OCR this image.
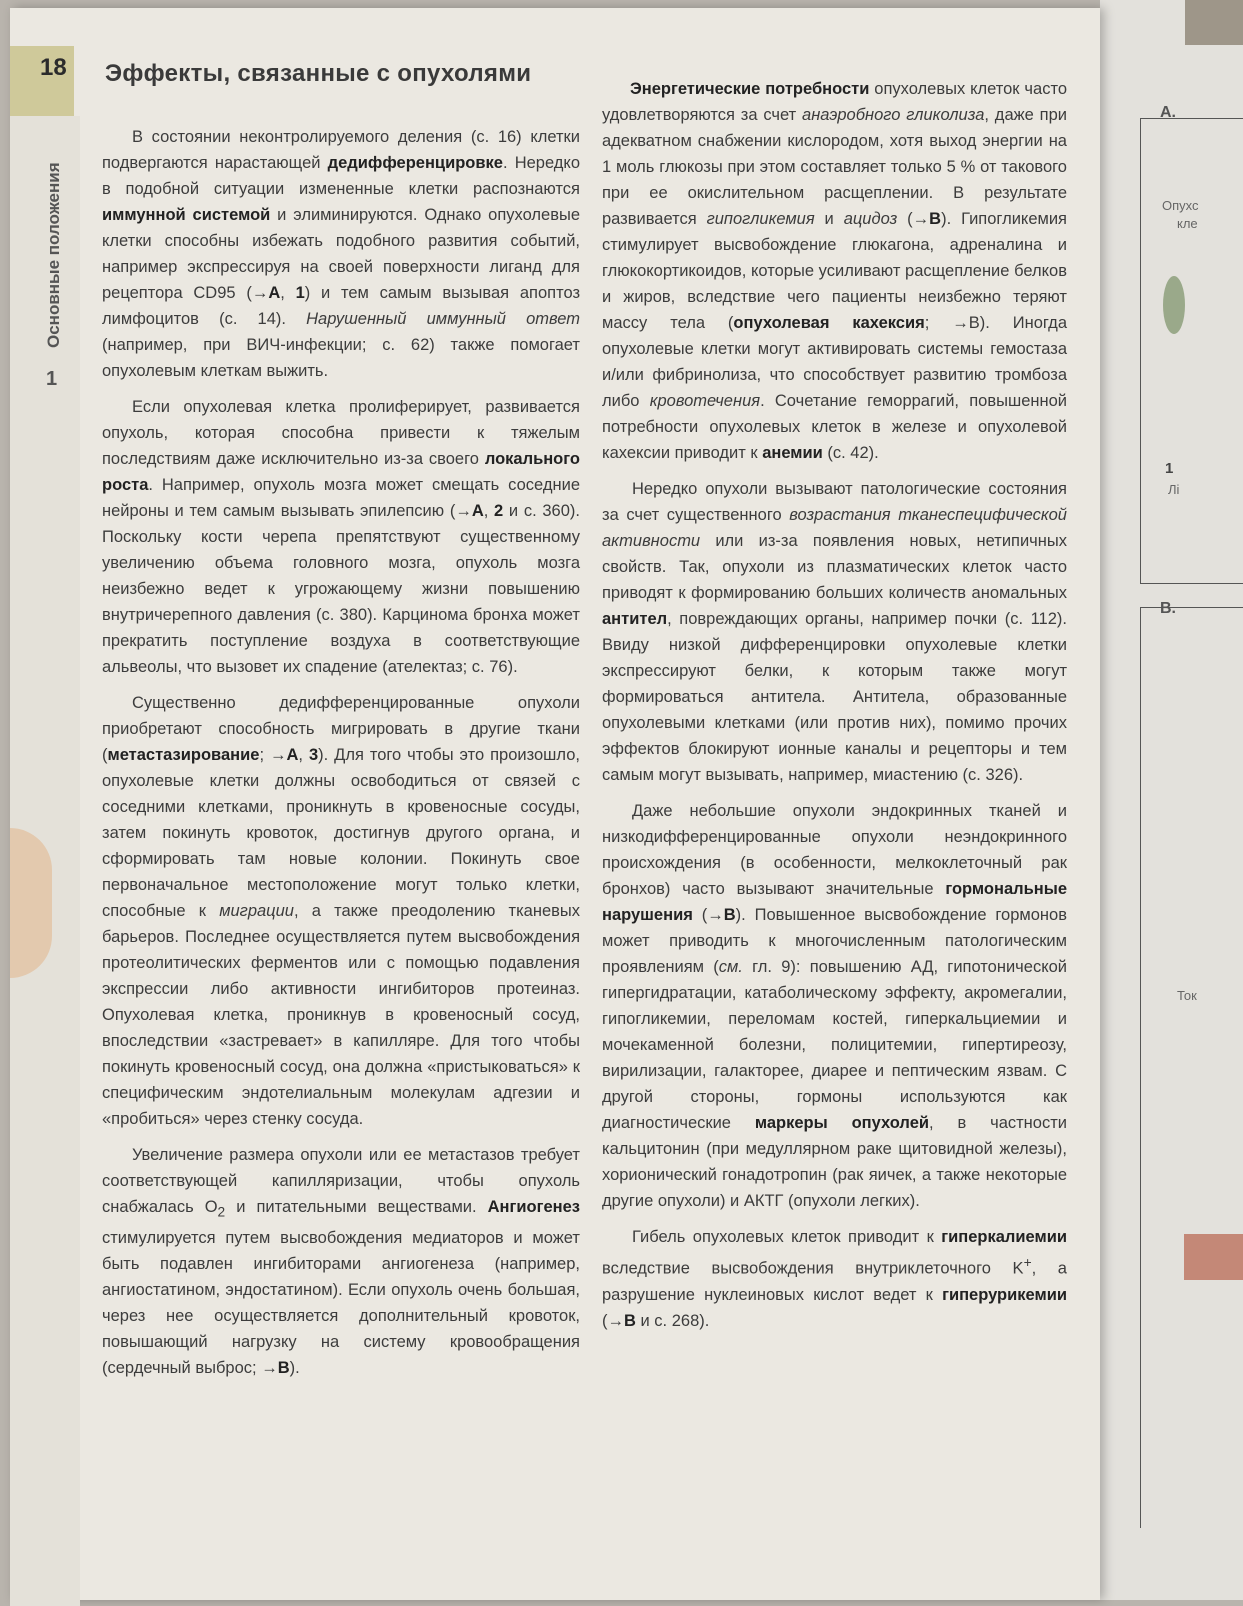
18 Эффекты, связанные с опухолями
Основные положения
1

В состоянии неконтролируемого деления (с. 16) клетки подвергаются нарастающей дедифференцировке. Нередко в подобной ситуации измененные клетки распознаются иммунной системой и элиминируются. Однако опухолевые клетки способны избежать подобного развития событий, например экспрессируя на своей поверхности лиганд для рецептора CD95 (→А, 1) и тем самым вызывая апоптоз лимфоцитов (с. 14). Нарушенный иммунный ответ (например, при ВИЧ-инфекции; с. 62) также помогает опухолевым клеткам выжить.

Если опухолевая клетка пролиферирует, развивается опухоль, которая способна привести к тяжелым последствиям даже исключительно из-за своего локального роста. Например, опухоль мозга может смещать соседние нейроны и тем самым вызывать эпилепсию (→А, 2 и с. 360). Поскольку кости черепа препятствуют существенному увеличению объема головного мозга, опухоль мозга неизбежно ведет к угрожающему жизни повышению внутричерепного давления (с. 380). Карцинома бронха может прекратить поступление воздуха в соответствующие альвеолы, что вызовет их спадение (ателектаз; с. 76).

Существенно дедифференцированные опухоли приобретают способность мигрировать в другие ткани (метастазирование; →А, 3). Для того чтобы это произошло, опухолевые клетки должны освободиться от связей с соседними клетками, проникнуть в кровеносные сосуды, затем покинуть кровоток, достигнув другого органа, и сформировать там новые колонии. Покинуть свое первоначальное местоположение могут только клетки, способные к миграции, а также преодолению тканевых барьеров. Последнее осуществляется путем высвобождения протеолитических ферментов или с помощью подавления экспрессии либо активности ингибиторов протеиназ. Опухолевая клетка, проникнув в кровеносный сосуд, впоследствии «застревает» в капилляре. Для того чтобы покинуть кровеносный сосуд, она должна «пристыковаться» к специфическим эндотелиальным молекулам адгезии и «пробиться» через стенку сосуда.

Увеличение размера опухоли или ее метастазов требует соответствующей капилляризации, чтобы опухоль снабжалась $O_2$ и питательными веществами. Ангиогенез стимулируется путем высвобождения медиаторов и может быть подавлен ингибиторами ангиогенеза (например, ангиостатином, эндостатином). Если опухоль очень большая, через нее осуществляется дополнительный кровоток, повышающий нагрузку на систему кровообращения (сердечный выброс; →В).

Энергетические потребности опухолевых клеток часто удовлетворяются за счет анаэробного гликолиза, даже при адекватном снабжении кислородом, хотя выход энергии на 1 моль глюкозы при этом составляет только 5 % от такового при ее окислительном расщеплении. В результате развивается гипогликемия и ацидоз (→В). Гипогликемия стимулирует высвобождение глюкагона, адреналина и глюкокортикоидов, которые усиливают расщепление белков и жиров, вследствие чего пациенты неизбежно теряют массу тела (опухолевая кахексия; →В). Иногда опухолевые клетки могут активировать системы гемостаза и/или фибринолиза, что способствует развитию тромбоза либо кровотечения. Сочетание геморрагий, повышенной потребности опухолевых клеток в железе и опухолевой кахексии приводит к анемии (с. 42).

Нередко опухоли вызывают патологические состояния за счет существенного возрастания тканеспецифической активности или из-за появления новых, нетипичных свойств. Так, опухоли из плазматических клеток часто приводят к формированию больших количеств аномальных антител, повреждающих органы, например почки (с. 112). Ввиду низкой дифференцировки опухолевые клетки экспрессируют белки, к которым также могут формироваться антитела. Антитела, образованные опухолевыми клетками (или против них), помимо прочих эффектов блокируют ионные каналы и рецепторы и тем самым могут вызывать, например, миастению (с. 326).

Даже небольшие опухоли эндокринных тканей и низкодифференцированные опухоли неэндокринного происхождения (в особенности, мелкоклеточный рак бронхов) часто вызывают значительные гормональные нарушения (→В). Повышенное высвобождение гормонов может приводить к многочисленным патологическим проявлениям (см. гл. 9): повышению АД, гипотонической гипергидратации, катаболическому эффекту, акромегалии, гипогликемии, переломам костей, гиперкальциемии и мочекаменной болезни, полицитемии, гипертиреозу, вирилизации, галакторее, диарее и пептическим язвам. С другой стороны, гормоны используются как диагностические маркеры опухолей, в частности кальцитонин (при медуллярном раке щитовидной железы), хорионический гонадотропин (рак яичек, а также некоторые другие опухоли) и АКТГ (опухоли легких).

Гибель опухолевых клеток приводит к гиперкалиемии вследствие высвобождения внутриклеточного K+, а разрушение нуклеиновых кислот ведет к гиперурикемии (→В и с. 268).

А.
Опухс
кле
1
Лі
В.
Ток
